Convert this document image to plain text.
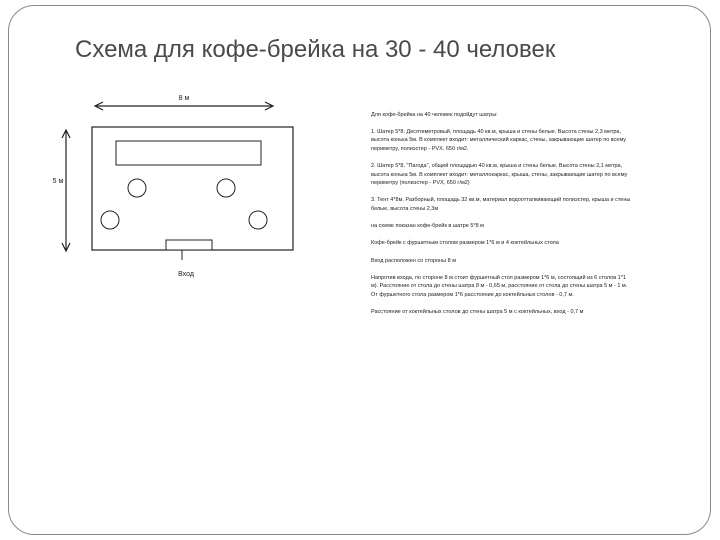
Схема для кофе-брейка на 30 - 40 человек
8 м
5 м
Вход

Для кофе-брейка на 40 человек подойдут шатры:

1. Шатер 5*8. Десятиметровый, площадь 40 кв.м, крыша и стены белые. Высота стены 2,3 метра, высота конька 5м. В комплект входит: металлический каркас, стены, закрывающие шатер по всему периметру, полиэстер - PVX, 650 г/м2.

2. Шатер 5*8. "Пагода", общей площадью 40 кв.м, крыша и стены белые. Высота стены 2,1 метра, высота конька 5м. В комплект входит: металлокаркас, крыша, стены, закрывающие шатер по всему периметру (полиэстер - PVX, 650 г/м2)

3. Тент 4*8м. Разборный, площадь 32 кв.м, материал водоотталкивающий полиэстер, крыша и стены белые, высота стены 2,3м

на схеме показан кофе-брейк в шатре 5*8 м

Кофе-брейк с фуршетным столом размером 1*6 м и 4 коктейльных стола

Вход расположен со стороны 8 м

Напротив входа, по стороне 8 м стоит фуршетный стол размером 1*6 м, состоящий из 6 столов 1*1 м). Расстояние от стола до стены шатра 8 м - 0,65 м, расстояние от стола до стены шатра 5 м - 1 м. От фуршетного стола размером 1*6 расстояние до коктейльных столов - 0,7 м.

Расстояние от коктейльных столов до стены шатра 5 м с коктейльных, вход - 0,7 м
